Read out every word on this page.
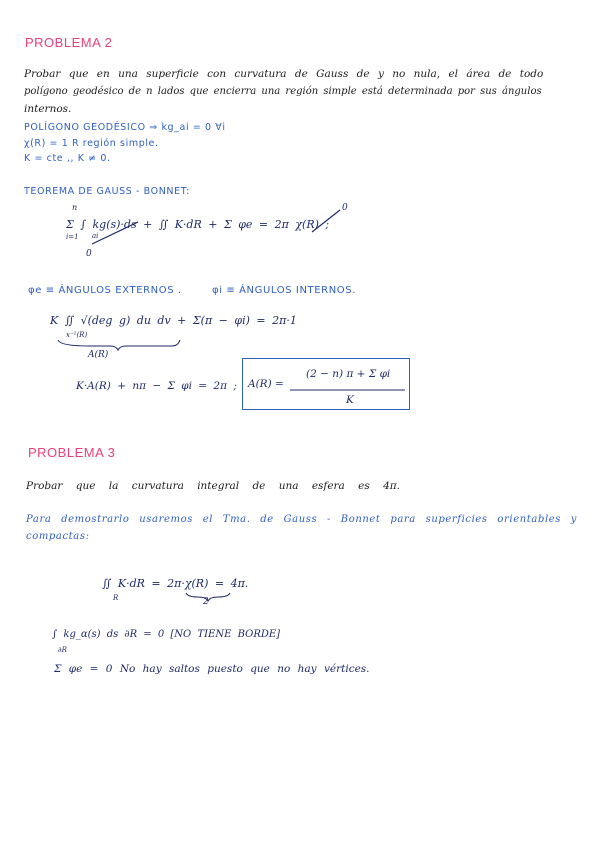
PROBLEMA 2
Probar que en una superficie con curvatura de Gauss de y no nula, el área de todo
polígono geodésico de n lados que encierra una región simple está determinada por sus ángulos
internos.
POLÍGONO GEODÉSICO ⇒ kg_ai = 0 ∀i
χ(R) = 1 R región simple.
K = cte ,, K ≠ 0.
TEOREMA DE GAUSS - BONNET:
Σ ∫ kg(s)·ds + ∬ K·dR + Σ φe = 2π χ(R) ;
n
i=1 ai
0
0
φe ≡ ÁNGULOS EXTERNOS .	φi ≡ ÁNGULOS INTERNOS.
K ∬ √(deg g) du dv + Σ(π − φi) = 2π·1
x⁻¹(R)
A(R)
K·A(R) + nπ − Σ φi = 2π ; A(R) =
(2 − n) π + Σ φi
K
PROBLEMA 3
Probar que la curvatura integral de una esfera es 4π.
Para demostrarlo usaremos el Tma. de Gauss - Bonnet para superficies orientables y
compactas:
∬ K·dR = 2π·χ(R) = 4π.
R	2
∫ kg_α(s) ds ∂R = 0 [NO TIENE BORDE]
∂R
Σ φe = 0 No hay saltos puesto que no hay vértices.
